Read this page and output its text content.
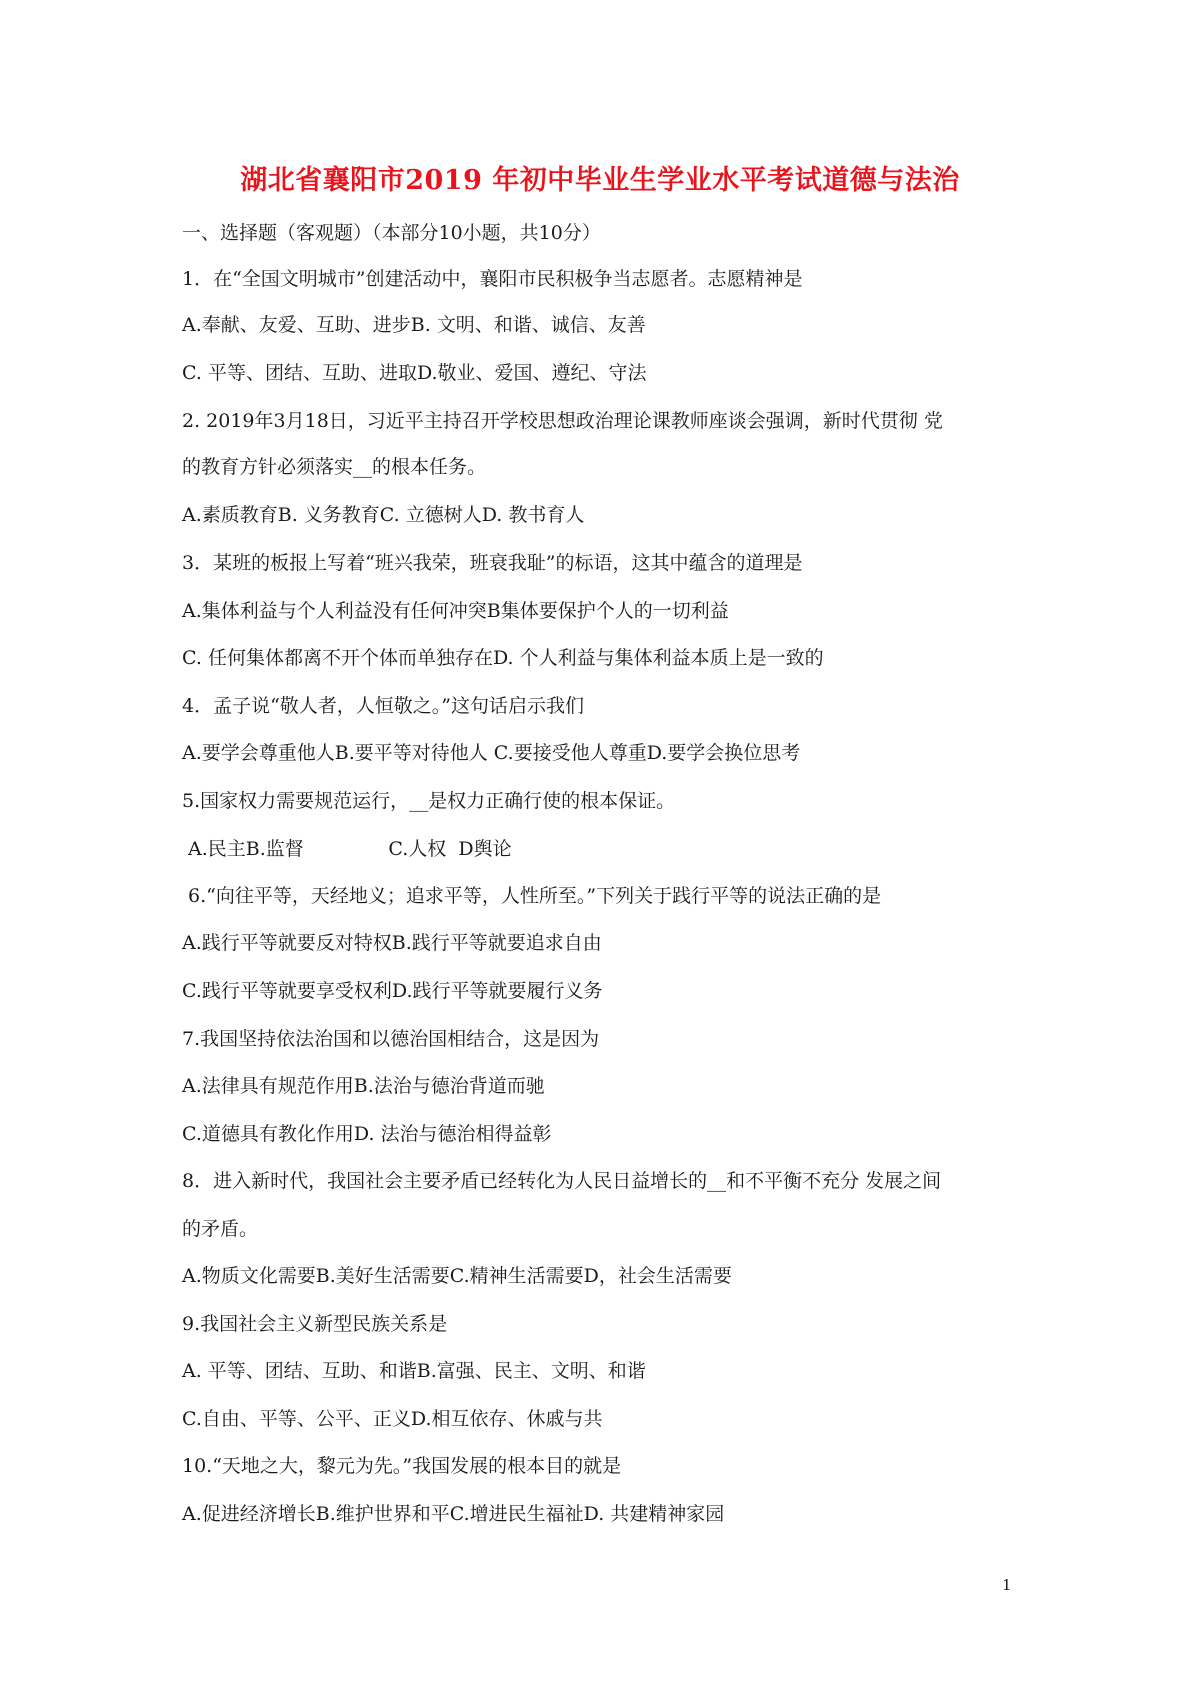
湖北省襄阳市2019 年初中毕业生学业水平考试道德与法治
一、选择题（客观题）（本部分10小题，共10分）
1．在“全国文明城市”创建活动中，襄阳市民积极争当志愿者。志愿精神是
A.奉献、友爱、互助、进步B. 文明、和谐、诚信、友善
C. 平等、团结、互助、进取D.敬业、爱国、遵纪、守法
2. 2019年3月18日，习近平主持召开学校思想政治理论课教师座谈会强调，新时代贯彻 党
的教育方针必须落实__的根本任务。
A.素质教育B. 义务教育C. 立德树人D. 教书育人
3．某班的板报上写着“班兴我荣，班衰我耻”的标语，这其中蕴含的道理是
A.集体利益与个人利益没有任何冲突B集体要保护个人的一切利益
C. 任何集体都离不开个体而单独存在D. 个人利益与集体利益本质上是一致的
4．孟子说“敬人者，人恒敬之。”这句话启示我们
A.要学会尊重他人B.要平等对待他人 C.要接受他人尊重D.要学会换位思考
5.国家权力需要规范运行，__是权力正确行使的根本保证。
A.民主B.监督              C.人权  D舆论
6.“向往平等，天经地义；追求平等，人性所至。”下列关于践行平等的说法正确的是
A.践行平等就要反对特权B.践行平等就要追求自由
C.践行平等就要享受权利D.践行平等就要履行义务
7.我国坚持依法治国和以德治国相结合，这是因为
A.法律具有规范作用B.法治与德治背道而驰
C.道德具有教化作用D. 法治与德治相得益彰
8．进入新时代，我国社会主要矛盾已经转化为人民日益增长的__和不平衡不充分 发展之间
的矛盾。
A.物质文化需要B.美好生活需要C.精神生活需要D，社会生活需要
9.我国社会主义新型民族关系是
A. 平等、团结、互助、和谐B.富强、民主、文明、和谐
C.自由、平等、公平、正义D.相互依存、休戚与共
10.“天地之大，黎元为先。”我国发展的根本目的就是
A.促进经济增长B.维护世界和平C.增进民生福祉D. 共建精神家园
1
